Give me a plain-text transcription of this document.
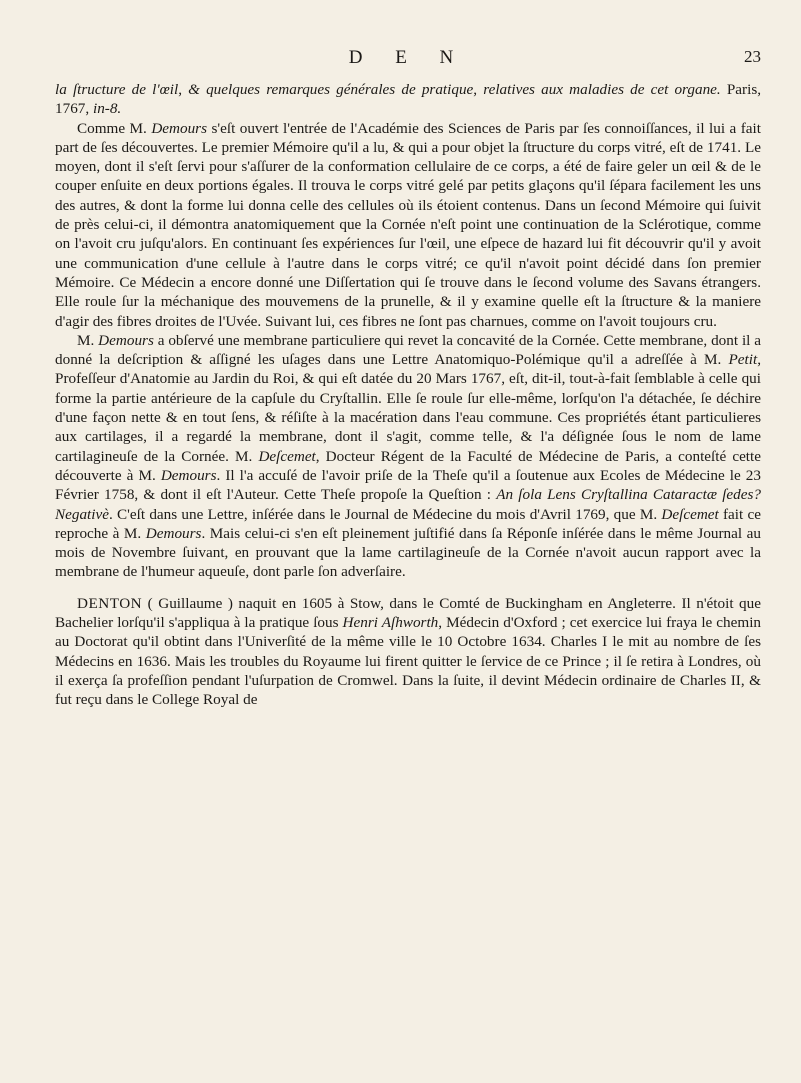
D E N	23

la ſtructure de l'œil, & quelques remarques générales de pratique, relatives aux maladies de cet organe. Paris, 1767, in-8.

Comme M. Demours s'eſt ouvert l'entrée de l'Académie des Sciences de Paris par ſes connoiſſances, il lui a fait part de ſes découvertes. Le premier Mémoire qu'il a lu, & qui a pour objet la ſtructure du corps vitré, eſt de 1741. Le moyen, dont il s'eſt ſervi pour s'aſſurer de la conformation cellulaire de ce corps, a été de faire geler un œil & de le couper enſuite en deux portions égales. Il trouva le corps vitré gelé par petits glaçons qu'il ſépara facilement les uns des autres, & dont la forme lui donna celle des cellules où ils étoient contenus. Dans un ſecond Mémoire qui ſuivit de près celui-ci, il démontra anatomiquement que la Cornée n'eſt point une continuation de la Sclérotique, comme on l'avoit cru juſqu'alors. En continuant ſes expériences ſur l'œil, une eſpece de hazard lui fit découvrir qu'il y avoit une communication d'une cellule à l'autre dans le corps vitré; ce qu'il n'avoit point décidé dans ſon premier Mémoire. Ce Médecin a encore donné une Diſſertation qui ſe trouve dans le ſecond volume des Savans étrangers. Elle roule ſur la méchanique des mouvemens de la prunelle, & il y examine quelle eſt la ſtructure & la maniere d'agir des fibres droites de l'Uvée. Suivant lui, ces fibres ne ſont pas charnues, comme on l'avoit toujours cru.

M. Demours a obſervé une membrane particuliere qui revet la concavité de la Cornée. Cette membrane, dont il a donné la deſcription & aſſigné les uſages dans une Lettre Anatomiquo-Polémique qu'il a adreſſée à M. Petit, Profeſſeur d'Anatomie au Jardin du Roi, & qui eſt datée du 20 Mars 1767, eſt, dit-il, tout-à-fait ſemblable à celle qui forme la partie antérieure de la capſule du Cryſtallin. Elle ſe roule ſur elle-même, lorſqu'on l'a détachée, ſe déchire d'une façon nette & en tout ſens, & réſiſte à la macération dans l'eau commune. Ces propriétés étant particulieres aux cartilages, il a regardé la membrane, dont il s'agit, comme telle, & l'a déſignée ſous le nom de lame cartilagineuſe de la Cornée. M. Deſcemet, Docteur Régent de la Faculté de Médecine de Paris, a conteſté cette découverte à M. Demours. Il l'a accuſé de l'avoir priſe de la Theſe qu'il a ſoutenue aux Ecoles de Médecine le 23 Février 1758, & dont il eſt l'Auteur. Cette Theſe propoſe la Queſtion : An ſola Lens Cryſtallina Cataractæ ſedes? Negativè. C'eſt dans une Lettre, inſérée dans le Journal de Médecine du mois d'Avril 1769, que M. Deſcemet fait ce reproche à M. Demours. Mais celui-ci s'en eſt pleinement juſtifié dans ſa Réponſe inſérée dans le même Journal au mois de Novembre ſuivant, en prouvant que la lame cartilagineuſe de la Cornée n'avoit aucun rapport avec la membrane de l'humeur aqueuſe, dont parle ſon adverſaire.

DENTON ( Guillaume ) naquit en 1605 à Stow, dans le Comté de Buckingham en Angleterre. Il n'étoit que Bachelier lorſqu'il s'appliqua à la pratique ſous Henri Aſhworth, Médecin d'Oxford ; cet exercice lui fraya le chemin au Doctorat qu'il obtint dans l'Univerſité de la même ville le 10 Octobre 1634. Charles I le mit au nombre de ſes Médecins en 1636. Mais les troubles du Royaume lui firent quitter le ſervice de ce Prince ; il ſe retira à Londres, où il exerça ſa profeſſion pendant l'uſurpation de Cromwel. Dans la ſuite, il devint Médecin ordinaire de Charles II, & fut reçu dans le College Royal de
